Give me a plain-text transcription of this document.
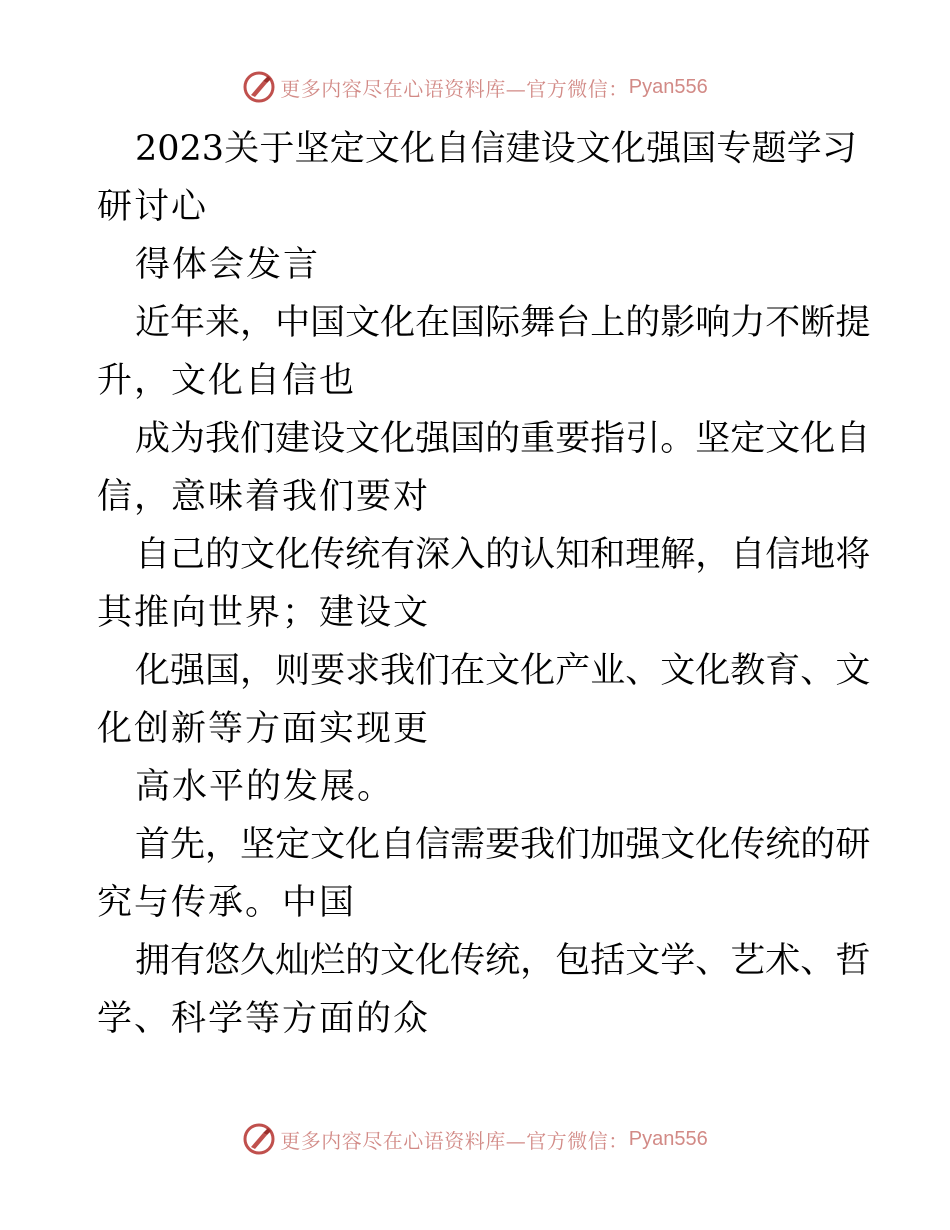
更多内容尽在心语资料库—官方微信： Pyan556
2023 关 于 坚 定 文 化 自 信 建 设 文 化 强 国 专 题 学 习
研讨心
得体会发言
近 年 来 ， 中 国 文 化 在 国 际 舞 台 上 的 影 响 力 不 断 提
升，文化自信也
成 为 我 们 建 设 文 化 强 国 的 重 要 指 引 。 坚 定 文 化 自
信，意味着我们要对
自 己 的 文 化 传 统 有 深 入 的 认 知 和 理 解 ， 自 信 地 将
其推向世界；建设文
化 强 国 ， 则 要 求 我 们 在 文 化 产 业 、 文 化 教 育 、 文
化创新等方面实现更
高水平的发展。
首 先 ， 坚 定 文 化 自 信 需 要 我 们 加 强 文 化 传 统 的 研
究与传承。中国
拥 有 悠 久 灿 烂 的 文 化 传 统 ， 包 括 文 学 、 艺 术 、 哲
学、科学等方面的众
更多内容尽在心语资料库—官方微信： Pyan556
